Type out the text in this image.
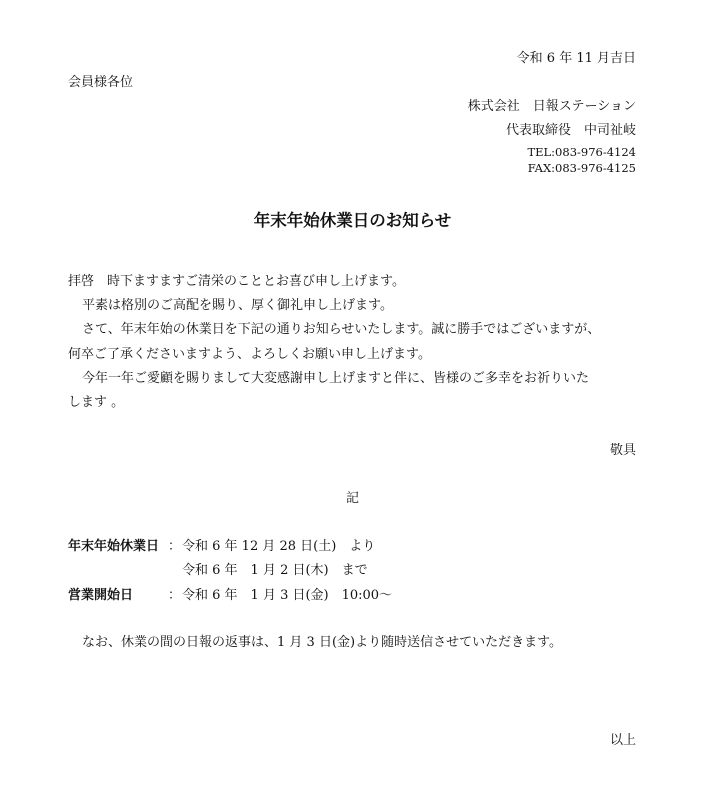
令和 6 年 11 月吉日
会員様各位
株式会社　日報ステーション
代表取締役　中司祉岐
TEL:083-976-4124
FAX:083-976-4125
年末年始休業日のお知らせ
拝啓　時下ますますご清栄のこととお喜び申し上げます。
平素は格別のご高配を賜り、厚く御礼申し上げます。
さて、年末年始の休業日を下記の通りお知らせいたします。誠に勝手ではございますが、
何卒ご了承くださいますよう、よろしくお願い申し上げます。
今年一年ご愛顧を賜りまして大変感謝申し上げますと伴に、皆様のご多幸をお祈りいた
します 。
敬具
記
年末年始休業日 ： 令和 6 年 12 月 28 日(土)　より
令和 6 年　1 月 2 日(木)　まで
営業開始日	： 令和 6 年　1 月 3 日(金)　10:00～
なお、休業の間の日報の返事は、1 月 3 日(金)より随時送信させていただきます。
以上
